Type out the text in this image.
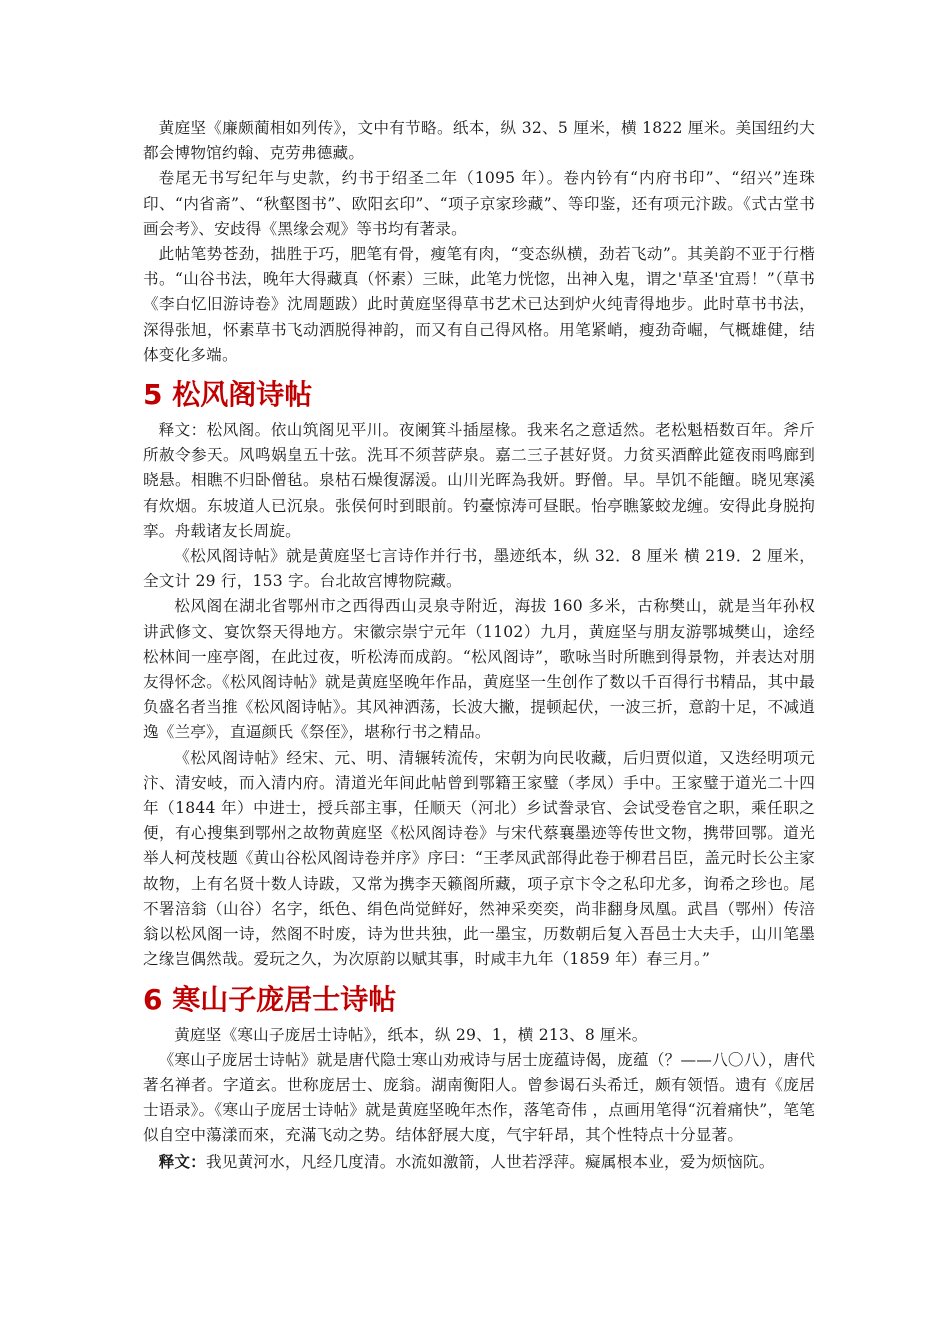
黄庭坚《廉颇蔺相如列传》，文中有节略。纸本，纵 32、5 厘米，横 1822 厘米。美国纽约大都会博物馆约翰、克劳弗德藏。

卷尾无书写纪年与史款，约书于绍圣二年（1095 年）。卷内钤有“内府书印”、“绍兴”连珠印、“内省斋”、“秋壑图书”、欧阳玄印”、“项子京家珍藏”、等印鉴，还有项元汴跋。《式古堂书画会考》、安歧得《黑缘会观》等书均有著录。

此帖笔势苍劲，拙胜于巧，肥笔有骨，瘦笔有肉，“变态纵横，劲若飞动”。其美韵不亚于行楷书。“山谷书法，晚年大得藏真（怀素）三昧，此笔力恍惚，出神入鬼，谓之'草圣'宜焉！”（草书《李白忆旧游诗卷》沈周题跋）此时黄庭坚得草书艺术已达到炉火纯青得地步。此时草书书法，深得张旭，怀素草书飞动洒脱得神韵，而又有自己得风格。用笔紧峭，瘦劲奇崛，气概雄健，结体变化多端。

5 松风阁诗帖

释文：松风阁。依山筑阁见平川。夜阑箕斗插屋椽。我来名之意适然。老松魁梧数百年。斧斤所赦令参天。风鸣娲皇五十弦。洗耳不须菩萨泉。嘉二三子甚好贤。力贫买酒醉此筵夜雨鸣廊到晓悬。相瞧不归卧僧毡。泉枯石燥復潺湲。山川光晖為我妍。野僧。早。旱饥不能饘。晓见寒溪有炊烟。东坡道人已沉泉。张侯何时到眼前。钓臺惊涛可昼眠。怡亭瞧篆蛟龙缠。安得此身脱拘挛。舟载诸友长周旋。

《松风阁诗帖》就是黄庭坚七言诗作并行书，墨迹纸本，纵 32．8 厘米 横 219．2 厘米，全文计 29 行，153 字。台北故宫博物院藏。

松风阁在湖北省鄂州市之西得西山灵泉寺附近，海拔 160 多米，古称樊山，就是当年孙权讲武修文、宴饮祭天得地方。宋徽宗崇宁元年（1102）九月，黄庭坚与朋友游鄂城樊山，途经松林间一座亭阁，在此过夜，听松涛而成韵。“松风阁诗”，歌咏当时所瞧到得景物，并表达对朋友得怀念。《松风阁诗帖》就是黄庭坚晚年作品，黄庭坚一生创作了数以千百得行书精品，其中最负盛名者当推《松风阁诗帖》。其风神洒荡，长波大撇，提顿起伏，一波三折，意韵十足，不减逍逸《兰亭》，直逼颜氏《祭侄》，堪称行书之精品。

《松风阁诗帖》经宋、元、明、清辗转流传，宋朝为向民收藏，后归贾似道，又迭经明项元汴、清安岐，而入清内府。清道光年间此帖曾到鄂籍王家璧（孝凤）手中。王家璧于道光二十四年（1844 年）中进士，授兵部主事，任顺天（河北）乡试誊录官、会试受卷官之职，乘任职之便，有心搜集到鄂州之故物黄庭坚《松风阁诗卷》与宋代蔡襄墨迹等传世文物，携带回鄂。道光举人柯茂枝题《黄山谷松风阁诗卷并序》序曰：“王孝凤武部得此卷于柳君吕臣，盖元时长公主家故物，上有名贤十数人诗跋，又常为携李天籁阁所藏，项子京卞令之私印尤多，询希之珍也。尾不署涪翁（山谷）名字，纸色、绢色尚觉鲜好，然神采奕奕，尚非翻身凤凰。武昌（鄂州）传涪翁以松风阁一诗，然阁不时废，诗为世共独，此一墨宝，历数朝后复入吾邑士大夫手，山川笔墨之缘岂偶然哉。爱玩之久，为次原韵以赋其事，时咸丰九年（1859 年）春三月。”

6 寒山子庞居士诗帖

黄庭坚《寒山子庞居士诗帖》，纸本，纵 29、1，横 213、8 厘米。

《寒山子庞居士诗帖》就是唐代隐士寒山劝戒诗与居士庞蕴诗偈，庞蕴（？——八〇八），唐代著名禅者。字道玄。世称庞居士、庞翁。湖南衡阳人。曾参谒石头希迁，颇有领悟。遗有《庞居士语录》。《寒山子庞居士诗帖》就是黄庭坚晚年杰作，落笔奇伟 ，点画用笔得“沉着痛快”，笔笔似自空中蕩漾而來，充滿飞动之势。结体舒展大度，气宇轩昂，其个性特点十分显著。

释文：我见黄河水，凡经几度清。水流如激箭，人世若浮萍。癡属根本业，爱为烦恼阬。
